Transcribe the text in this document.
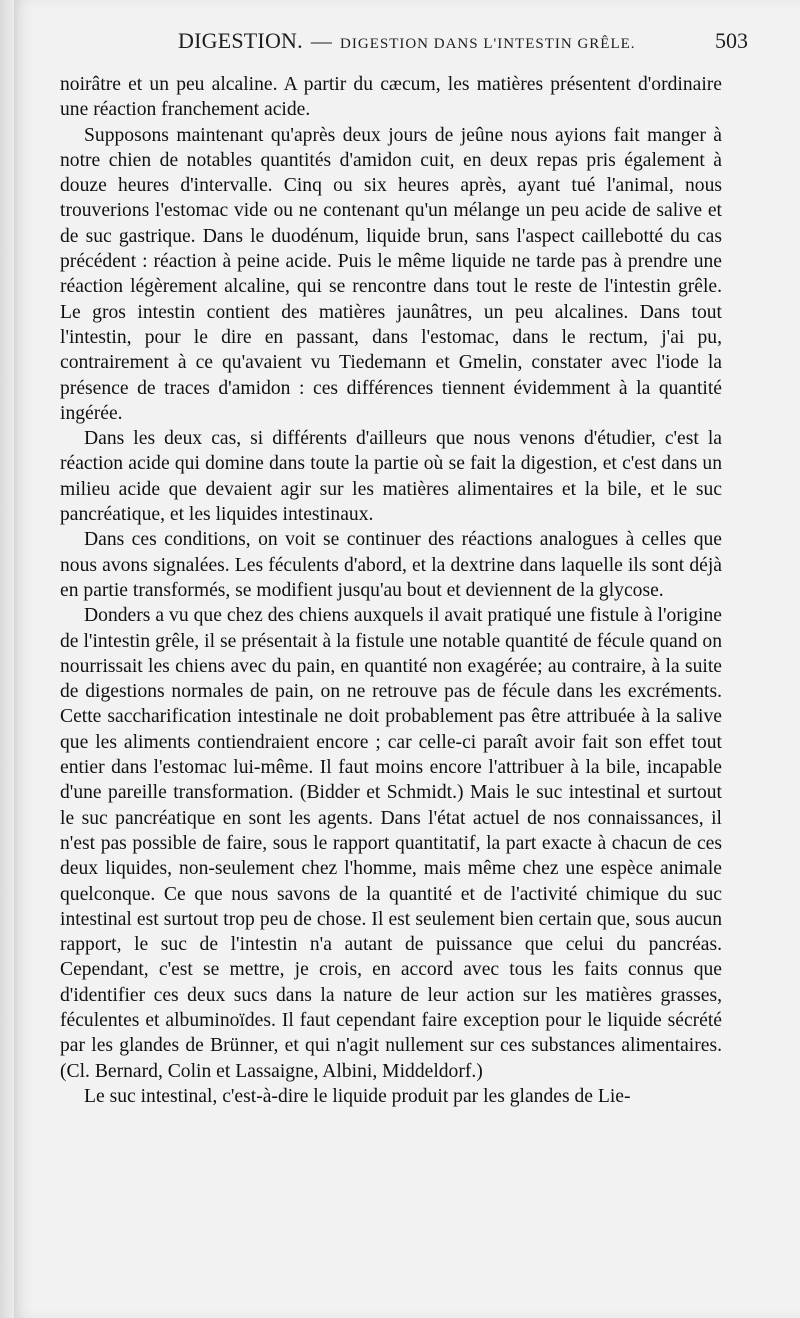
DIGESTION. — DIGESTION DANS L'INTESTIN GRÊLE.	503

noirâtre et un peu alcaline. A partir du cæcum, les matières présentent d'ordinaire une réaction franchement acide.

Supposons maintenant qu'après deux jours de jeûne nous ayions fait manger à notre chien de notables quantités d'amidon cuit, en deux repas pris également à douze heures d'intervalle. Cinq ou six heures après, ayant tué l'animal, nous trouverions l'estomac vide ou ne contenant qu'un mélange un peu acide de salive et de suc gastrique. Dans le duodénum, liquide brun, sans l'aspect caillebotté du cas précédent : réaction à peine acide. Puis le même liquide ne tarde pas à prendre une réaction légèrement alcaline, qui se rencontre dans tout le reste de l'intestin grêle. Le gros intestin contient des matières jaunâtres, un peu alcalines. Dans tout l'intestin, pour le dire en passant, dans l'estomac, dans le rectum, j'ai pu, contrairement à ce qu'avaient vu Tiedemann et Gmelin, constater avec l'iode la présence de traces d'amidon : ces différences tiennent évidemment à la quantité ingérée.

Dans les deux cas, si différents d'ailleurs que nous venons d'étudier, c'est la réaction acide qui domine dans toute la partie où se fait la digestion, et c'est dans un milieu acide que devaient agir sur les matières alimentaires et la bile, et le suc pancréatique, et les liquides intestinaux.

Dans ces conditions, on voit se continuer des réactions analogues à celles que nous avons signalées. Les féculents d'abord, et la dextrine dans laquelle ils sont déjà en partie transformés, se modifient jusqu'au bout et deviennent de la glycose.

Donders a vu que chez des chiens auxquels il avait pratiqué une fistule à l'origine de l'intestin grêle, il se présentait à la fistule une notable quantité de fécule quand on nourrissait les chiens avec du pain, en quantité non exagérée; au contraire, à la suite de digestions normales de pain, on ne retrouve pas de fécule dans les excréments. Cette saccharification intestinale ne doit probablement pas être attribuée à la salive que les aliments contiendraient encore ; car celle-ci paraît avoir fait son effet tout entier dans l'estomac lui-même. Il faut moins encore l'attribuer à la bile, incapable d'une pareille transformation. (Bidder et Schmidt.) Mais le suc intestinal et surtout le suc pancréatique en sont les agents. Dans l'état actuel de nos connaissances, il n'est pas possible de faire, sous le rapport quantitatif, la part exacte à chacun de ces deux liquides, non-seulement chez l'homme, mais même chez une espèce animale quelconque. Ce que nous savons de la quantité et de l'activité chimique du suc intestinal est surtout trop peu de chose. Il est seulement bien certain que, sous aucun rapport, le suc de l'intestin n'a autant de puissance que celui du pancréas. Cependant, c'est se mettre, je crois, en accord avec tous les faits connus que d'identifier ces deux sucs dans la nature de leur action sur les matières grasses, féculentes et albuminoïdes. Il faut cependant faire exception pour le liquide sécrété par les glandes de Brünner, et qui n'agit nullement sur ces substances alimentaires. (Cl. Bernard, Colin et Lassaigne, Albini, Middeldorf.)

Le suc intestinal, c'est-à-dire le liquide produit par les glandes de Lie-
